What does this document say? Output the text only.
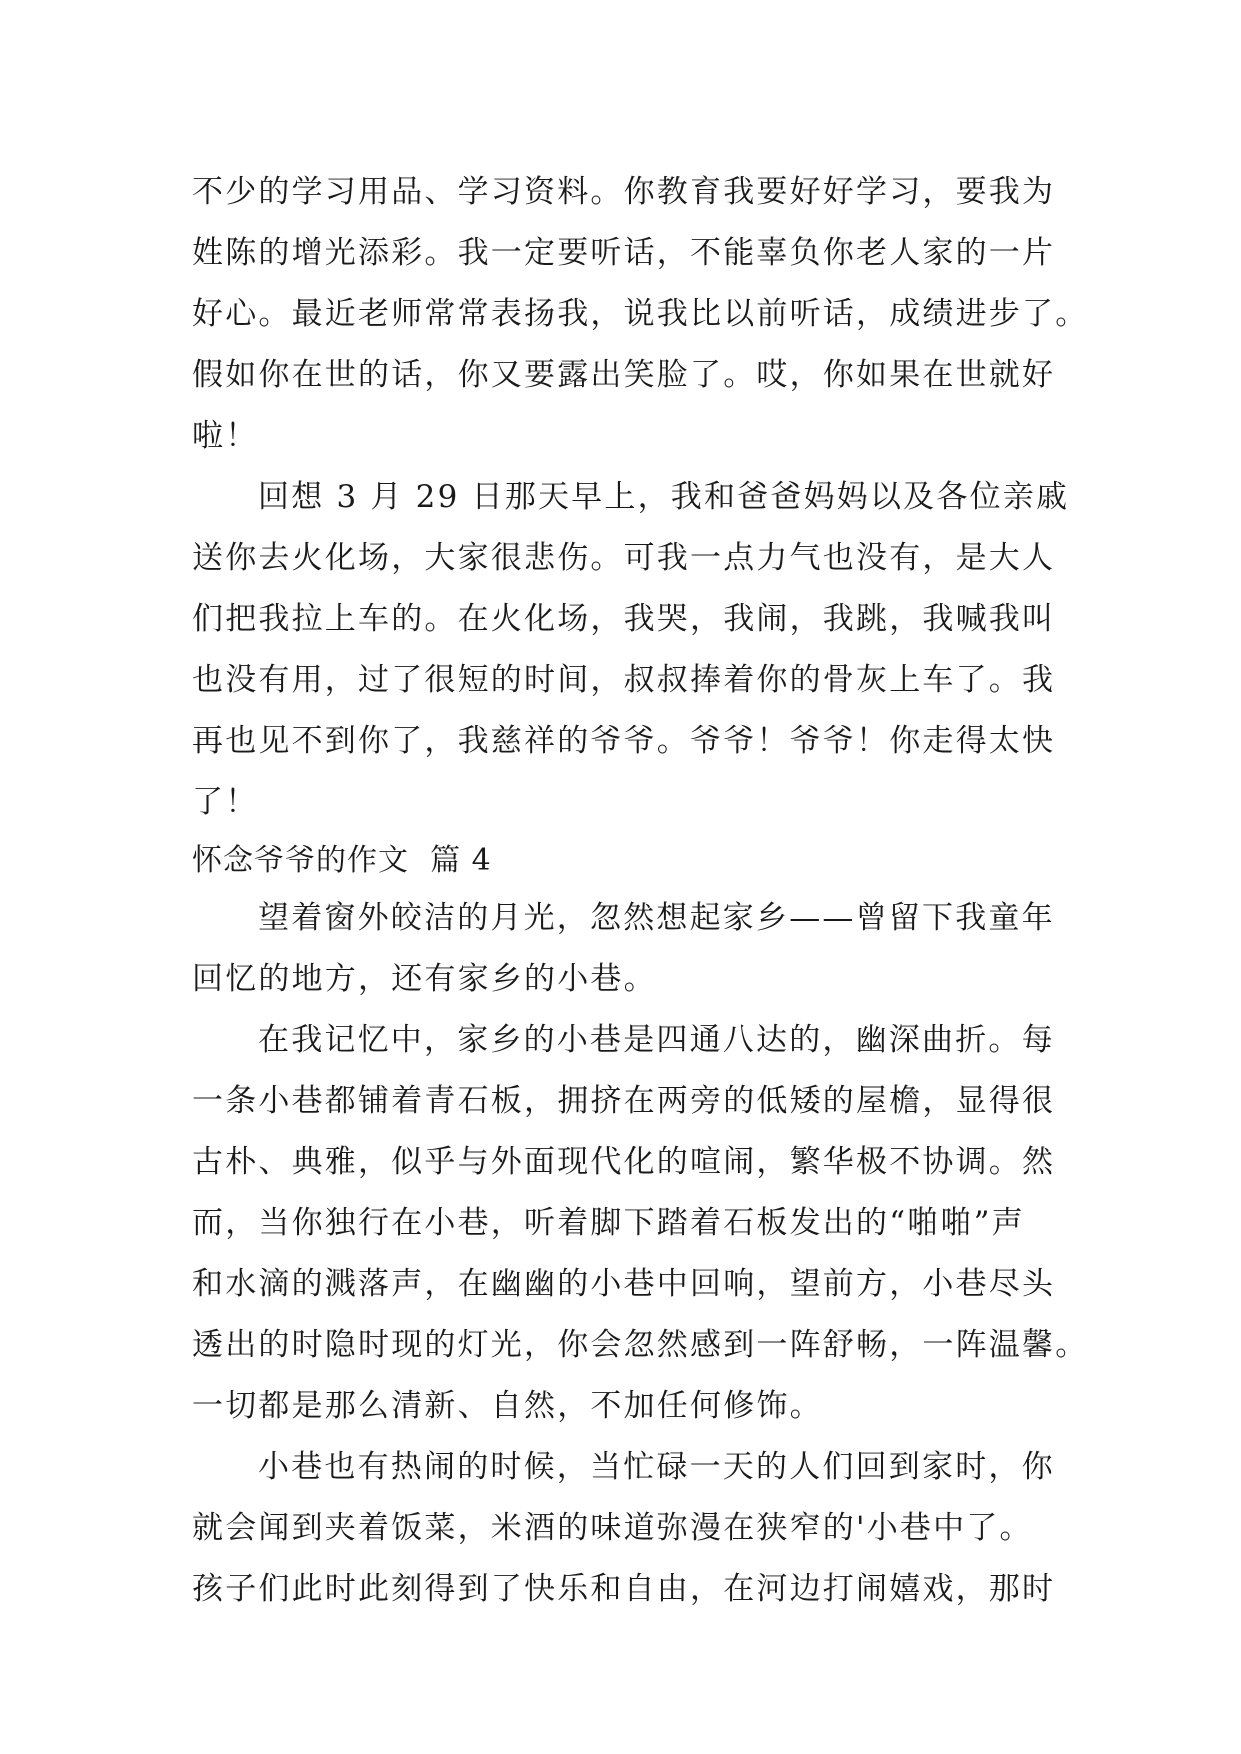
不少的学习用品、学习资料。你教育我要好好学习，要我为
姓陈的增光添彩。我一定要听话，不能辜负你老人家的一片
好心。最近老师常常表扬我，说我比以前听话，成绩进步了。
假如你在世的话，你又要露出笑脸了。哎，你如果在世就好
啦！
回想 3 月 29 日那天早上，我和爸爸妈妈以及各位亲戚
送你去火化场，大家很悲伤。可我一点力气也没有，是大人
们把我拉上车的。在火化场，我哭，我闹，我跳，我喊我叫
也没有用，过了很短的时间，叔叔捧着你的骨灰上车了。我
再也见不到你了，我慈祥的爷爷。爷爷！爷爷！你走得太快
了！
怀念爷爷的作文  篇 4
望着窗外皎洁的月光，忽然想起家乡——曾留下我童年
回忆的地方，还有家乡的小巷。
在我记忆中，家乡的小巷是四通八达的，幽深曲折。每
一条小巷都铺着青石板，拥挤在两旁的低矮的屋檐，显得很
古朴、典雅，似乎与外面现代化的喧闹，繁华极不协调。然
而，当你独行在小巷，听着脚下踏着石板发出的“啪啪”声
和水滴的溅落声，在幽幽的小巷中回响，望前方，小巷尽头
透出的时隐时现的灯光，你会忽然感到一阵舒畅，一阵温馨。
一切都是那么清新、自然，不加任何修饰。
小巷也有热闹的时候，当忙碌一天的人们回到家时，你
就会闻到夹着饭菜，米酒的味道弥漫在狭窄的'小巷中了。
孩子们此时此刻得到了快乐和自由，在河边打闹嬉戏，那时
